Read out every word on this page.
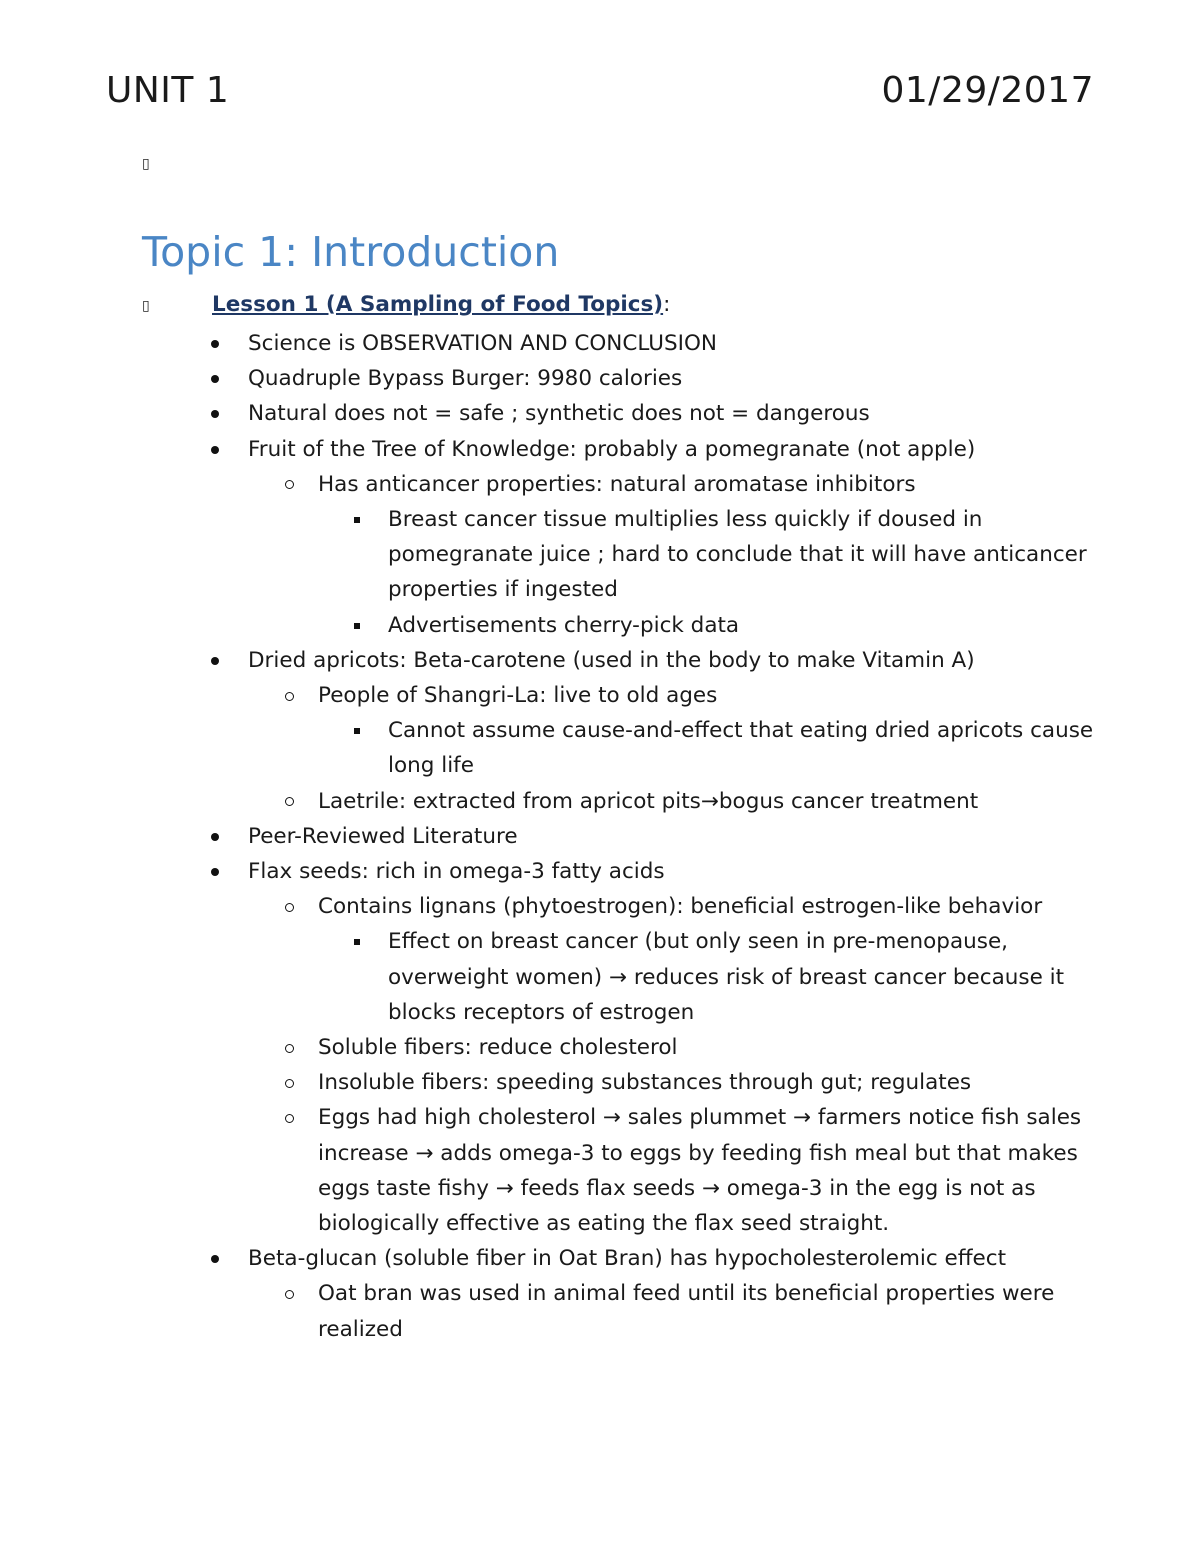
UNIT 1	01/29/2017
▯
Topic 1: Introduction
▯	Lesson 1 (A Sampling of Food Topics):
Science is OBSERVATION AND CONCLUSION
Quadruple Bypass Burger: 9980 calories
Natural does not = safe ; synthetic does not = dangerous
Fruit of the Tree of Knowledge: probably a pomegranate (not apple)
Has anticancer properties: natural aromatase inhibitors
Breast cancer tissue multiplies less quickly if doused in pomegranate juice ; hard to conclude that it will have anticancer properties if ingested
Advertisements cherry-pick data
Dried apricots: Beta-carotene (used in the body to make Vitamin A)
People of Shangri-La: live to old ages
Cannot assume cause-and-effect that eating dried apricots cause long life
Laetrile: extracted from apricot pits→bogus cancer treatment
Peer-Reviewed Literature
Flax seeds: rich in omega-3 fatty acids
Contains lignans (phytoestrogen): beneficial estrogen-like behavior
Effect on breast cancer (but only seen in pre-menopause, overweight women) → reduces risk of breast cancer because it blocks receptors of estrogen
Soluble fibers: reduce cholesterol
Insoluble fibers: speeding substances through gut; regulates
Eggs had high cholesterol → sales plummet → farmers notice fish sales increase → adds omega-3 to eggs by feeding fish meal but that makes eggs taste fishy → feeds flax seeds → omega-3 in the egg is not as biologically effective as eating the flax seed straight.
Beta-glucan (soluble fiber in Oat Bran) has hypocholesterolemic effect
Oat bran was used in animal feed until its beneficial properties were realized
